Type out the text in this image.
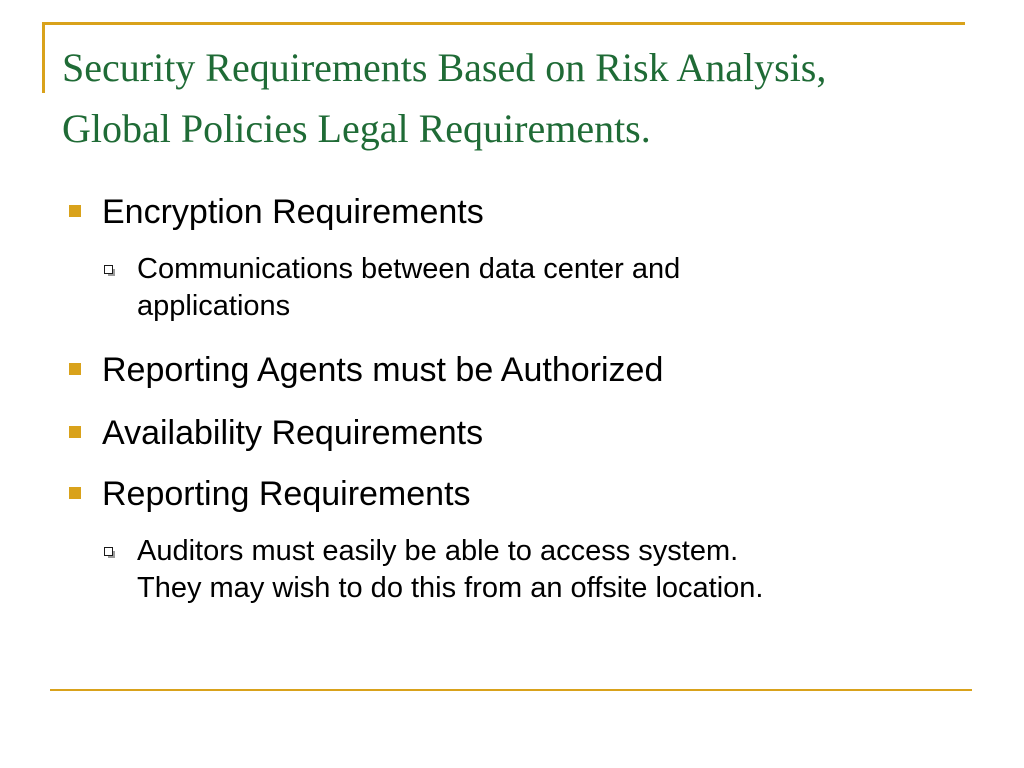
Security Requirements Based on Risk Analysis,
Global Policies Legal Requirements.
Encryption Requirements
Communications between data center and
applications
Reporting Agents must be Authorized
Availability Requirements
Reporting Requirements
Auditors must easily be able to access system.
They may wish to do this from an offsite location.
